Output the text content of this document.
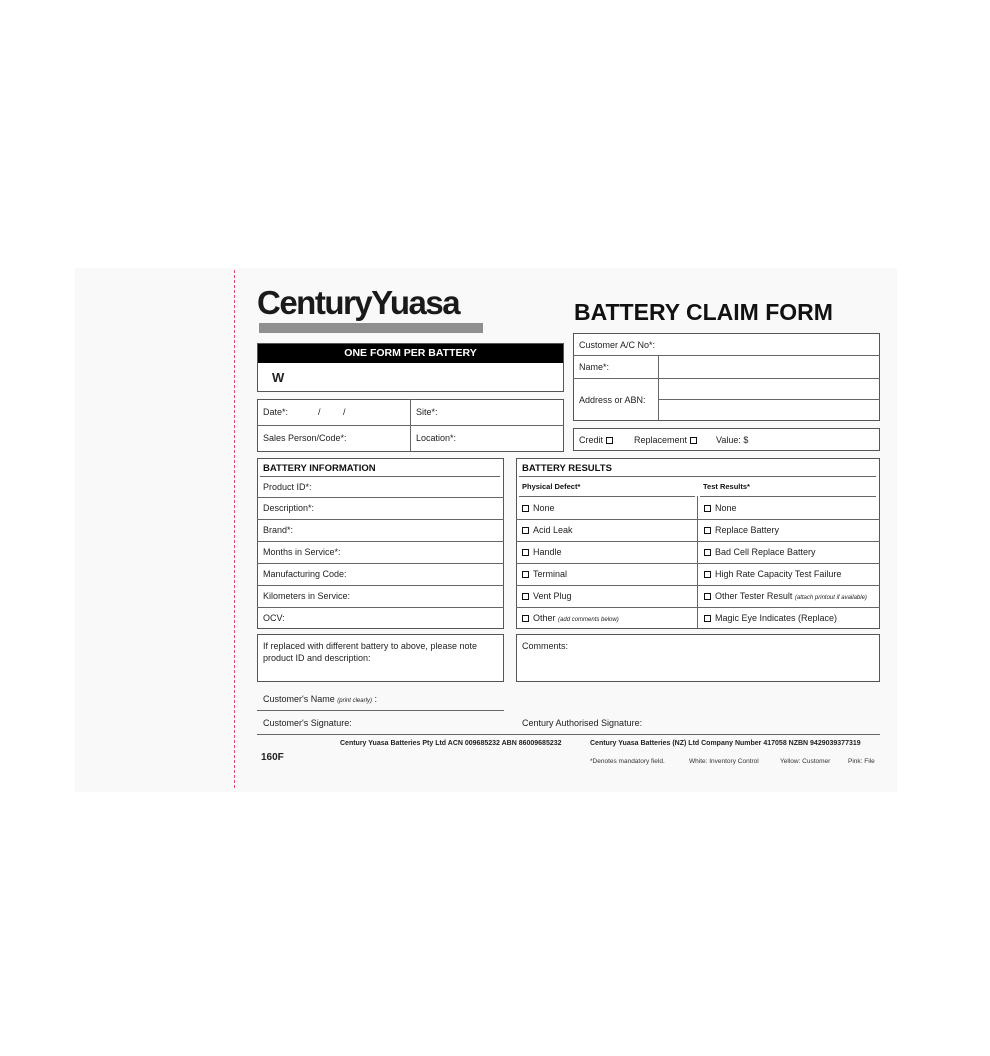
CenturyYuasa	BATTERY CLAIM FORM
ONE FORM PER BATTERY
W
Date*:	/ /	Site*:
Sales Person/Code*:	Location*:
Customer A/C No*:
Name*:
Address or ABN:
Credit	Replacement	Value: $
BATTERY INFORMATION
Product ID*:
Description*:
Brand*:
Months in Service*:
Manufacturing Code:
Kilometers in Service:
OCV:
BATTERY RESULTS
Physical Defect*	Test Results*
None	None
Acid Leak	Replace Battery
Handle	Bad Cell Replace Battery
Terminal	High Rate Capacity Test Failure
Vent Plug	Other Tester Result (attach printout if available)
Other (add comments below)	Magic Eye Indicates (Replace)
If replaced with different battery to above, please note
product ID and description:
Comments:
Customer's Name (print clearly) :
Customer's Signature:	Century Authorised Signature:
Century Yuasa Batteries Pty Ltd ACN 009685232 ABN 86009685232	Century Yuasa Batteries (NZ) Ltd Company Number 417058 NZBN 9429039377319
160F	*Denotes mandatory field.	White: Inventory Control	Yellow: Customer	Pink: File
